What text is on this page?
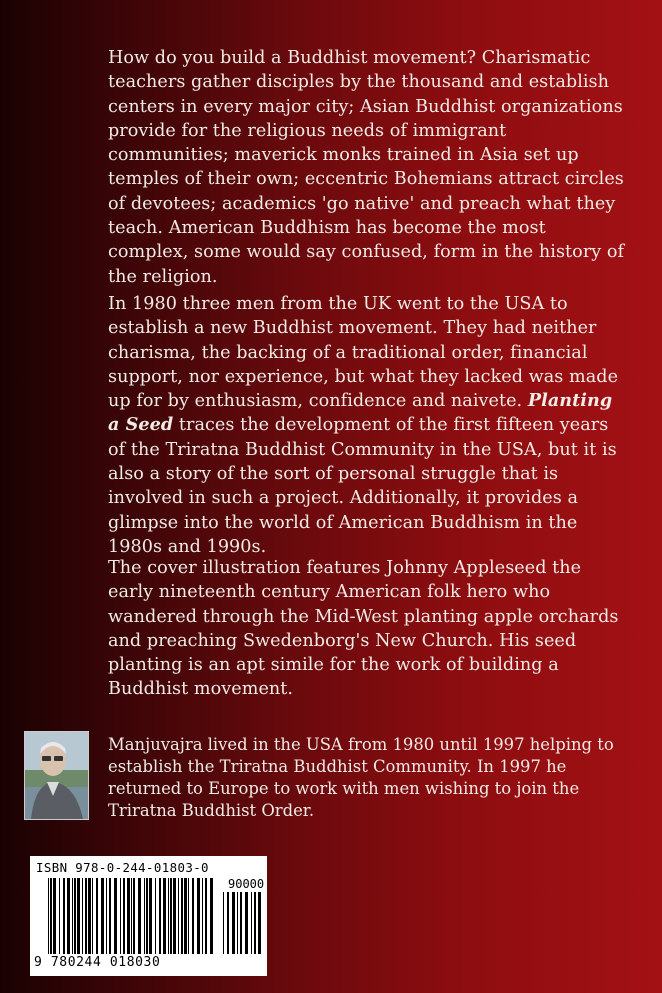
How do you build a Buddhist movement? Charismatic teachers gather disciples by the thousand and establish centers in every major city; Asian Buddhist organizations provide for the religious needs of immigrant communities; maverick monks trained in Asia set up temples of their own; eccentric Bohemians attract circles of devotees; academics 'go native' and preach what they teach. American Buddhism has become the most complex, some would say confused, form in the history of the religion.

In 1980 three men from the UK went to the USA to establish a new Buddhist movement. They had neither charisma, the backing of a traditional order, financial support, nor experience, but what they lacked was made up for by enthusiasm, confidence and naivete. Planting a Seed traces the development of the first fifteen years of the Triratna Buddhist Community in the USA, but it is also a story of the sort of personal struggle that is involved in such a project. Additionally, it provides a glimpse into the world of American Buddhism in the 1980s and 1990s.

The cover illustration features Johnny Appleseed the early nineteenth century American folk hero who wandered through the Mid-West planting apple orchards and preaching Swedenborg's New Church. His seed planting is an apt simile for the work of building a Buddhist movement.

Manjuvajra lived in the USA from 1980 until 1997 helping to establish the Triratna Buddhist Community. In 1997 he returned to Europe to work with men wishing to join the Triratna Buddhist Order.

ISBN 978-0-244-01803-0
90000
9 780244 018030
